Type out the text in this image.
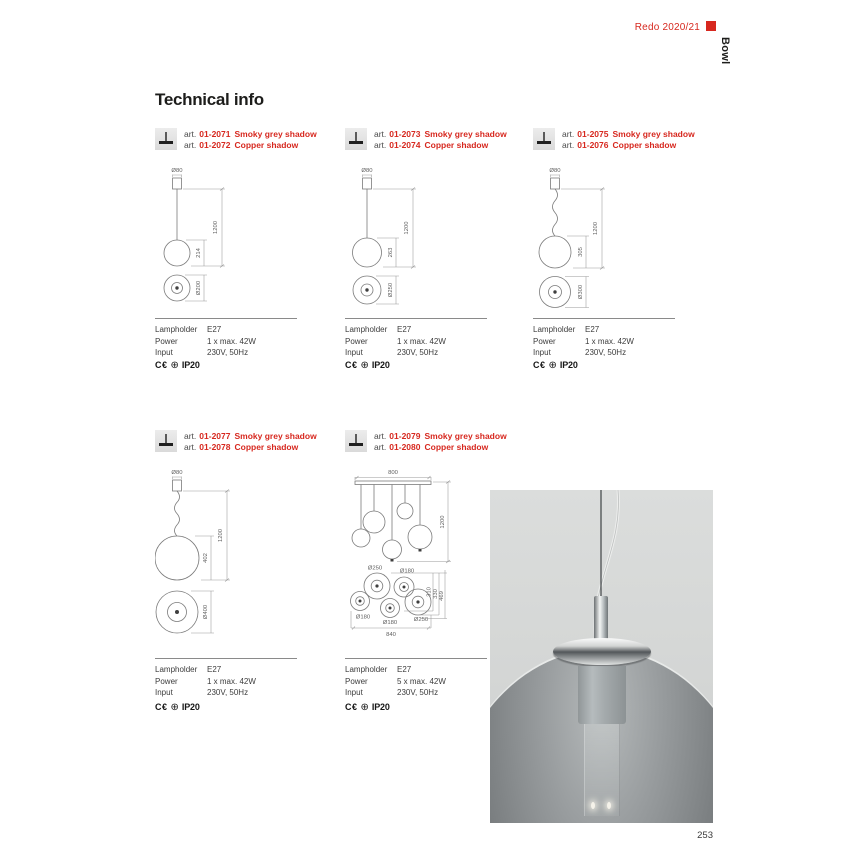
Redo 2020/21
Bowl
Technical info
art. 01-2071 Smoky grey shadow
art. 01-2072 Copper shadow
Ø80
1200
214
Ø200
Lampholder	E27
Power	1 x max. 42W
Input	230V, 50Hz
C€ ⊕ IP20
art. 01-2073 Smoky grey shadow
art. 01-2074 Copper shadow
Ø80
1200
263
Ø250
Lampholder	E27
Power	1 x max. 42W
Input	230V, 50Hz
C€ ⊕ IP20
art. 01-2075 Smoky grey shadow
art. 01-2076 Copper shadow
Ø80
1200
305
Ø300
Lampholder	E27
Power	1 x max. 42W
Input	230V, 50Hz
C€ ⊕ IP20
art. 01-2077 Smoky grey shadow
art. 01-2078 Copper shadow
Ø80
1200
402
Ø400
Lampholder	E27
Power	1 x max. 42W
Input	230V, 50Hz
C€ ⊕ IP20
art. 01-2079 Smoky grey shadow
art. 01-2080 Copper shadow
800
1200
Ø250	Ø180
Ø180
Ø180	Ø250
310 330 469
840
Lampholder	E27
Power	5 x max. 42W
Input	230V, 50Hz
C€ ⊕ IP20
253
